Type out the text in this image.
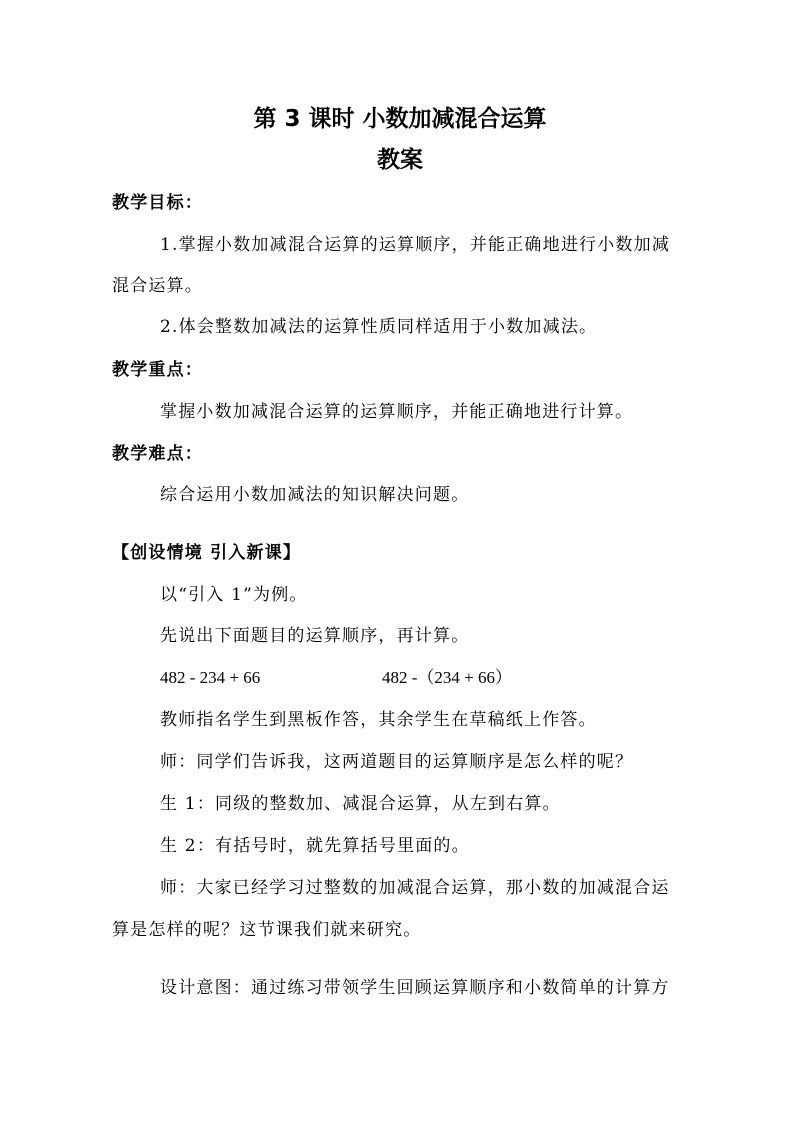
第 3 课时 小数加减混合运算
教案
教学目标：
1.掌握小数加减混合运算的运算顺序，并能正确地进行小数加减
混合运算。
2.体会整数加减法的运算性质同样适用于小数加减法。
教学重点：
掌握小数加减混合运算的运算顺序，并能正确地进行计算。
教学难点：
综合运用小数加减法的知识解决问题。
【创设情境 引入新课】
以“引入 1”为例。
先说出下面题目的运算顺序，再计算。
482 - 234 + 66	482 -（234 + 66）
教师指名学生到黑板作答，其余学生在草稿纸上作答。
师：同学们告诉我，这两道题目的运算顺序是怎么样的呢？
生 1：同级的整数加、减混合运算，从左到右算。
生 2：有括号时，就先算括号里面的。
师：大家已经学习过整数的加减混合运算，那小数的加减混合运
算是怎样的呢？这节课我们就来研究。
设计意图：通过练习带领学生回顾运算顺序和小数简单的计算方
